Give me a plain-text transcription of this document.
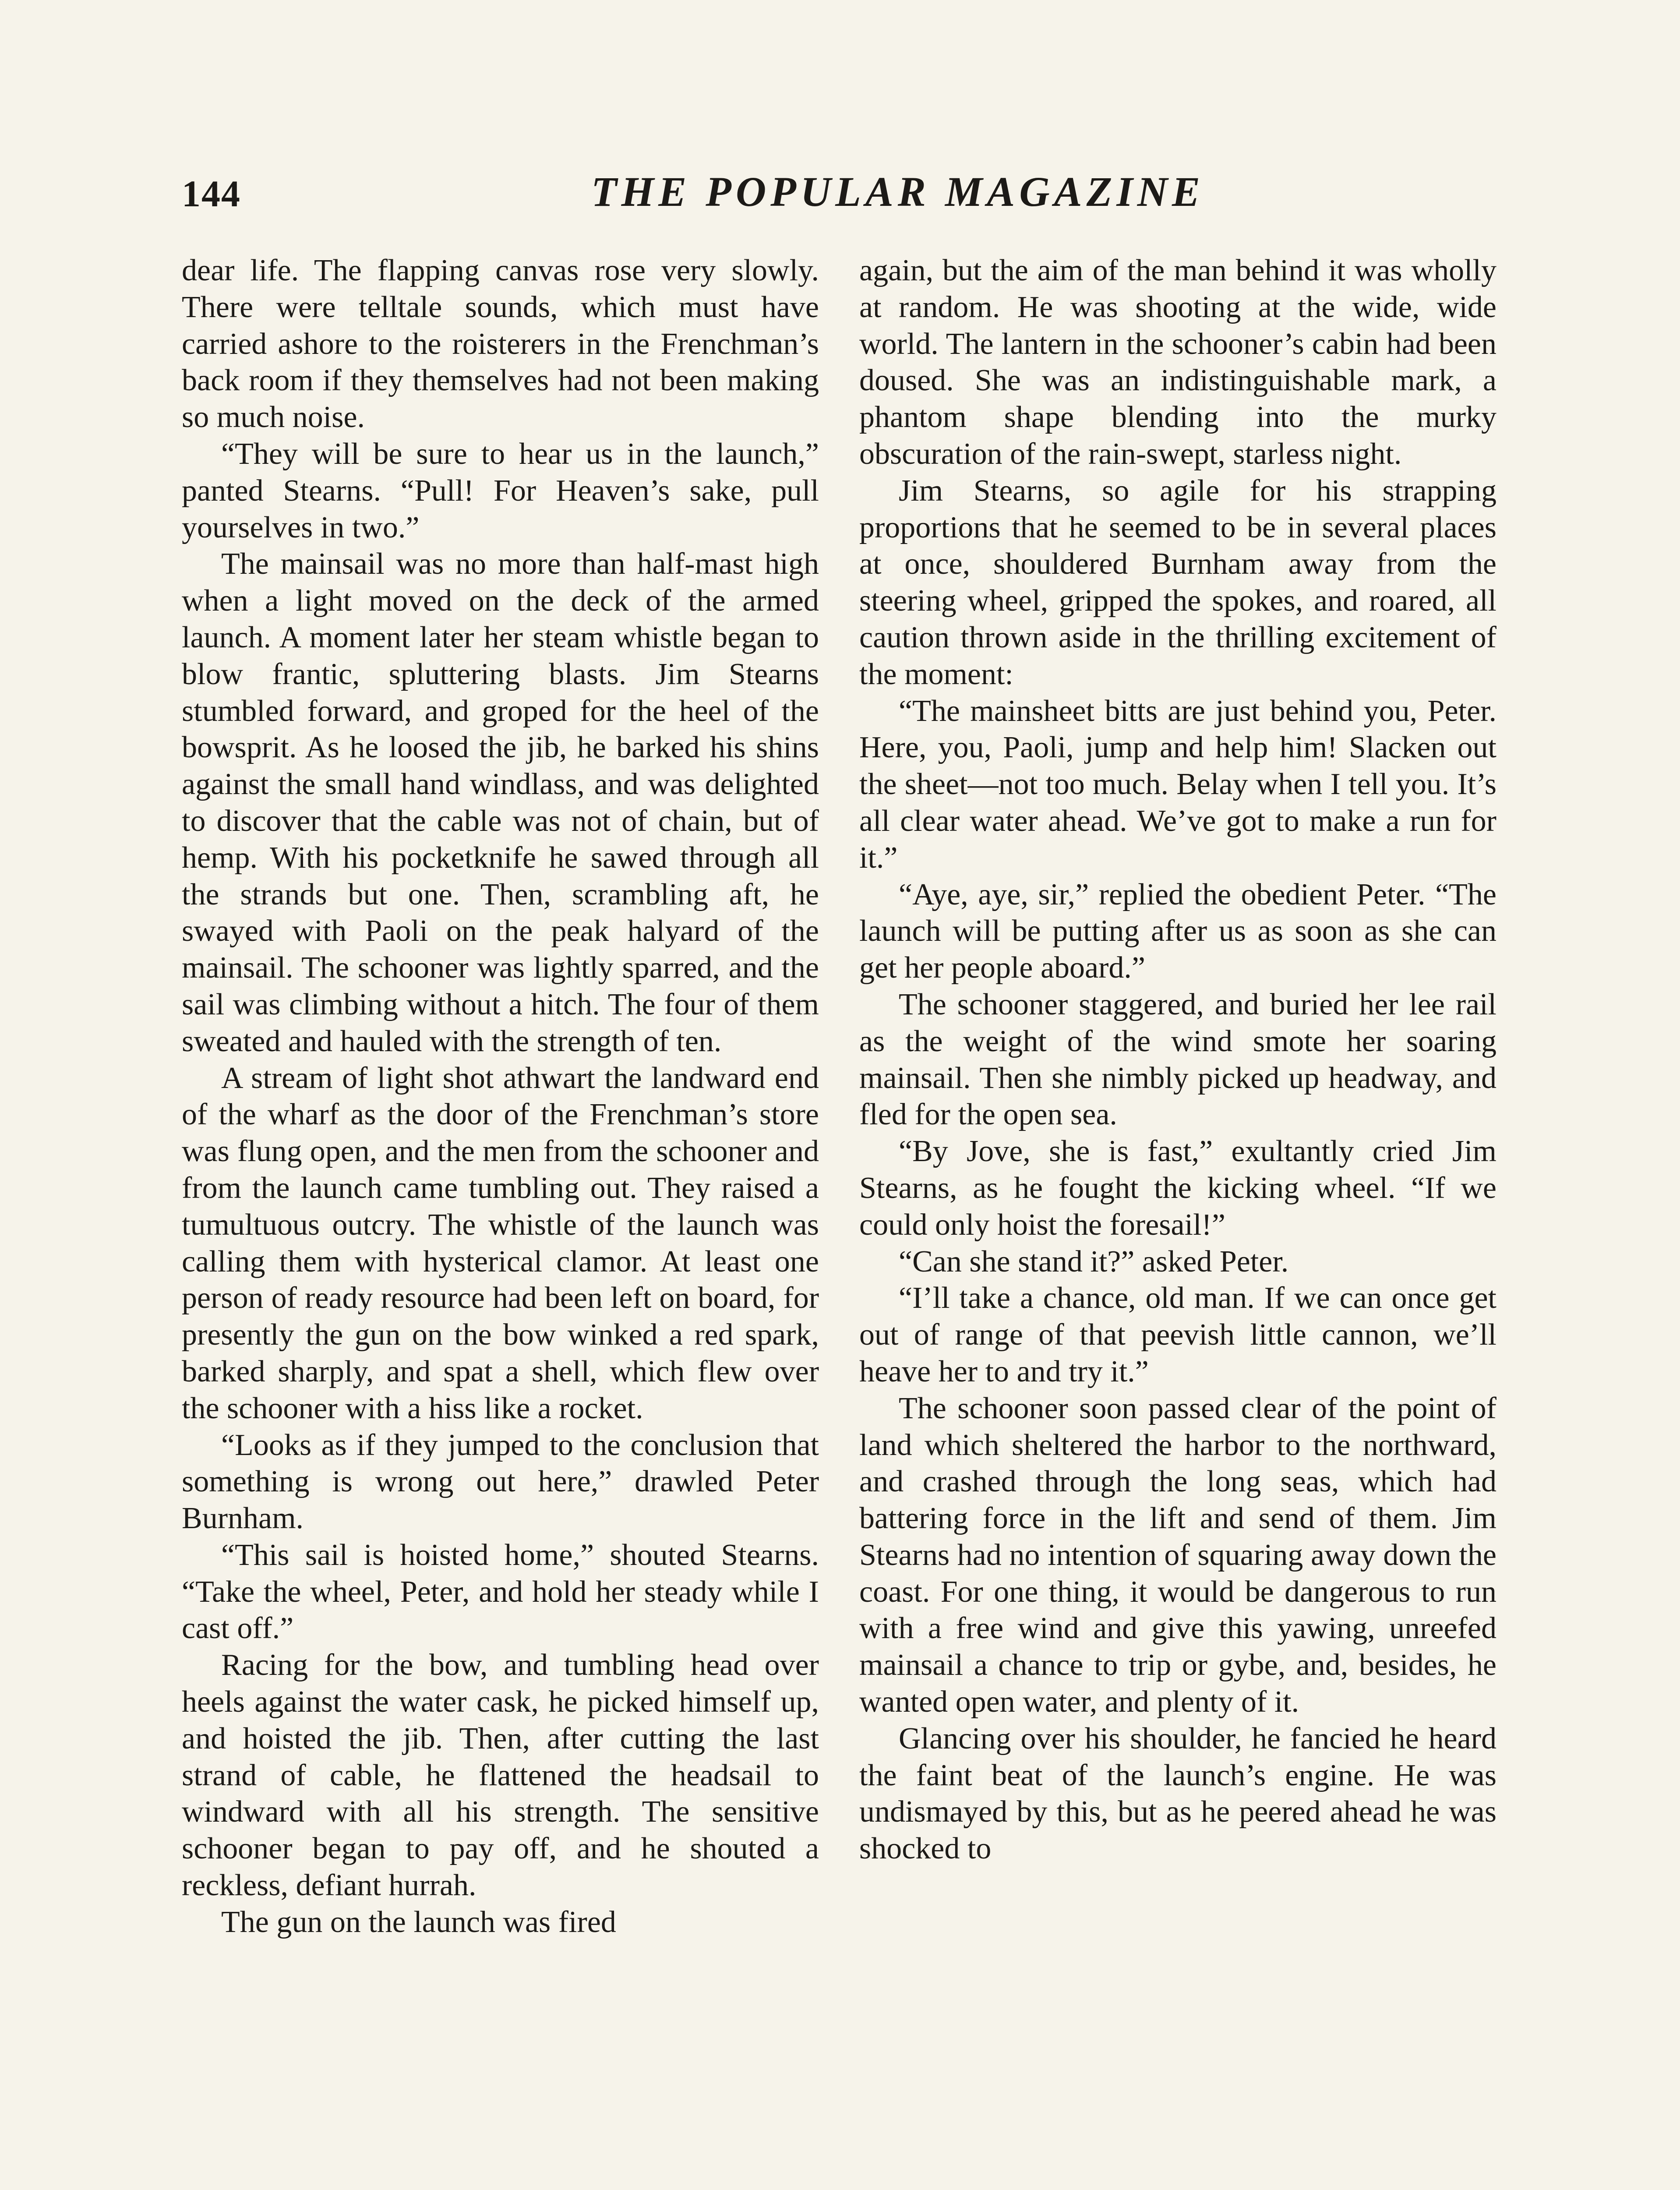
144	THE POPULAR MAGAZINE

dear life. The flapping canvas rose very slowly. There were telltale sounds, which must have carried ashore to the roisterers in the Frenchman’s back room if they themselves had not been making so much noise.

“They will be sure to hear us in the launch,” panted Stearns. “Pull! For Heaven’s sake, pull yourselves in two.”

The mainsail was no more than half-mast high when a light moved on the deck of the armed launch. A moment later her steam whistle began to blow frantic, spluttering blasts. Jim Stearns stumbled forward, and groped for the heel of the bowsprit. As he loosed the jib, he barked his shins against the small hand windlass, and was delighted to discover that the cable was not of chain, but of hemp. With his pocketknife he sawed through all the strands but one. Then, scrambling aft, he swayed with Paoli on the peak halyard of the mainsail. The schooner was lightly sparred, and the sail was climbing without a hitch. The four of them sweated and hauled with the strength of ten.

A stream of light shot athwart the landward end of the wharf as the door of the Frenchman’s store was flung open, and the men from the schooner and from the launch came tumbling out. They raised a tumultuous outcry. The whistle of the launch was calling them with hysterical clamor. At least one person of ready resource had been left on board, for presently the gun on the bow winked a red spark, barked sharply, and spat a shell, which flew over the schooner with a hiss like a rocket.

“Looks as if they jumped to the conclusion that something is wrong out here,” drawled Peter Burnham.

“This sail is hoisted home,” shouted Stearns. “Take the wheel, Peter, and hold her steady while I cast off.”

Racing for the bow, and tumbling head over heels against the water cask, he picked himself up, and hoisted the jib. Then, after cutting the last strand of cable, he flattened the headsail to windward with all his strength. The sensitive schooner began to pay off, and he shouted a reckless, defiant hurrah.

The gun on the launch was fired

again, but the aim of the man behind it was wholly at random. He was shooting at the wide, wide world. The lantern in the schooner’s cabin had been doused. She was an indistinguishable mark, a phantom shape blending into the murky obscuration of the rain-swept, starless night.

Jim Stearns, so agile for his strapping proportions that he seemed to be in several places at once, shouldered Burnham away from the steering wheel, gripped the spokes, and roared, all caution thrown aside in the thrilling excitement of the moment:

“The mainsheet bitts are just behind you, Peter. Here, you, Paoli, jump and help him! Slacken out the sheet—not too much. Belay when I tell you. It’s all clear water ahead. We’ve got to make a run for it.”

“Aye, aye, sir,” replied the obedient Peter. “The launch will be putting after us as soon as she can get her people aboard.”

The schooner staggered, and buried her lee rail as the weight of the wind smote her soaring mainsail. Then she nimbly picked up headway, and fled for the open sea.

“By Jove, she is fast,” exultantly cried Jim Stearns, as he fought the kicking wheel. “If we could only hoist the foresail!”

“Can she stand it?” asked Peter.

“I’ll take a chance, old man. If we can once get out of range of that peevish little cannon, we’ll heave her to and try it.”

The schooner soon passed clear of the point of land which sheltered the harbor to the northward, and crashed through the long seas, which had battering force in the lift and send of them. Jim Stearns had no intention of squaring away down the coast. For one thing, it would be dangerous to run with a free wind and give this yawing, unreefed mainsail a chance to trip or gybe, and, besides, he wanted open water, and plenty of it.

Glancing over his shoulder, he fancied he heard the faint beat of the launch’s engine. He was undismayed by this, but as he peered ahead he was shocked to
